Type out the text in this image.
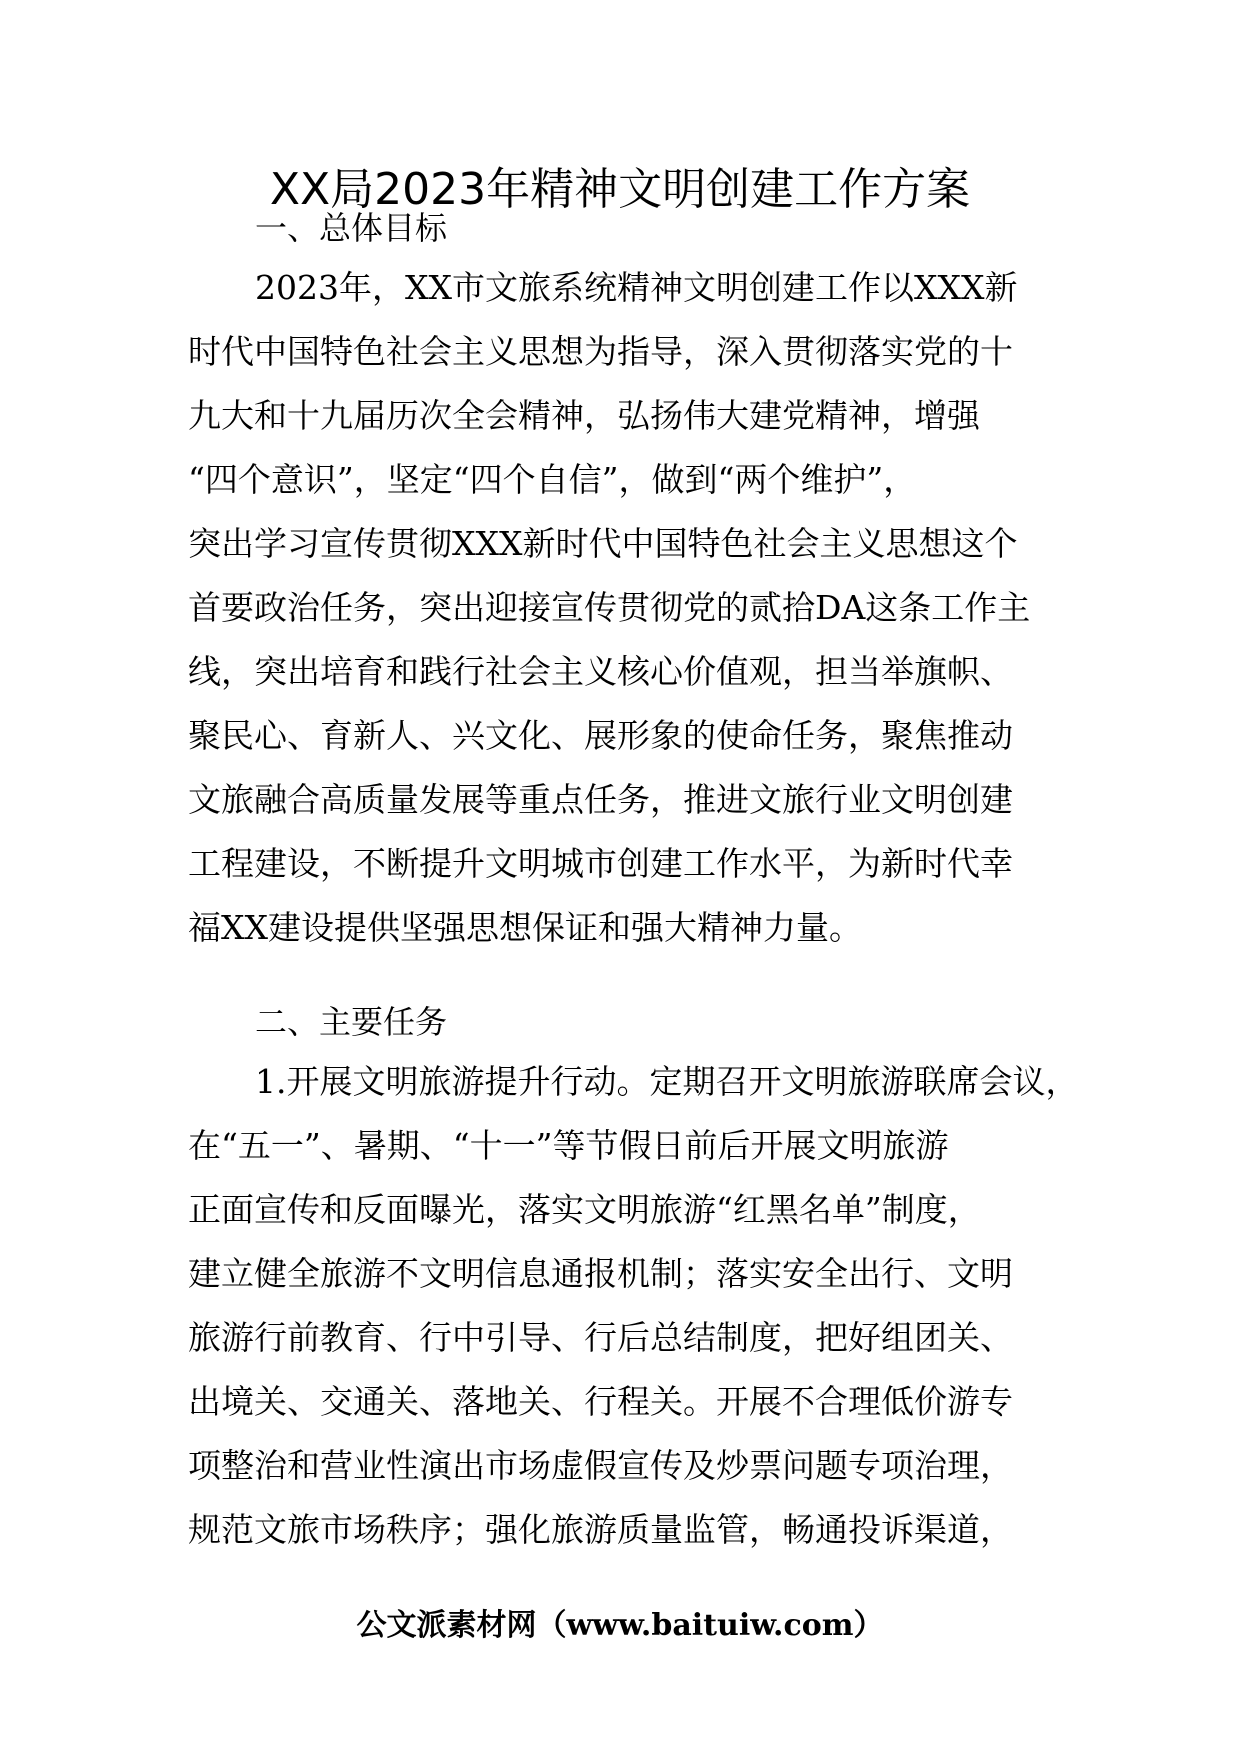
XX局2023年精神文明创建工作方案
一、总体目标
2023年，XX市文旅系统精神文明创建工作以XXX新
时代中国特色社会主义思想为指导，深入贯彻落实党的十
九大和十九届历次全会精神，弘扬伟大建党精神，增强
“四个意识”，坚定“四个自信”，做到“两个维护”，
突出学习宣传贯彻XXX新时代中国特色社会主义思想这个
首要政治任务，突出迎接宣传贯彻党的贰拾DA这条工作主
线，突出培育和践行社会主义核心价值观，担当举旗帜、
聚民心、育新人、兴文化、展形象的使命任务，聚焦推动
文旅融合高质量发展等重点任务，推进文旅行业文明创建
工程建设，不断提升文明城市创建工作水平，为新时代幸
福XX建设提供坚强思想保证和强大精神力量。
二、主要任务
1.开展文明旅游提升行动。定期召开文明旅游联席会议，
在“五一”、暑期、“十一”等节假日前后开展文明旅游
正面宣传和反面曝光，落实文明旅游“红黑名单”制度，
建立健全旅游不文明信息通报机制；落实安全出行、文明
旅游行前教育、行中引导、行后总结制度，把好组团关、
出境关、交通关、落地关、行程关。开展不合理低价游专
项整治和营业性演出市场虚假宣传及炒票问题专项治理，
规范文旅市场秩序；强化旅游质量监管，畅通投诉渠道，
公文派素材网（www.baituiw.com）
